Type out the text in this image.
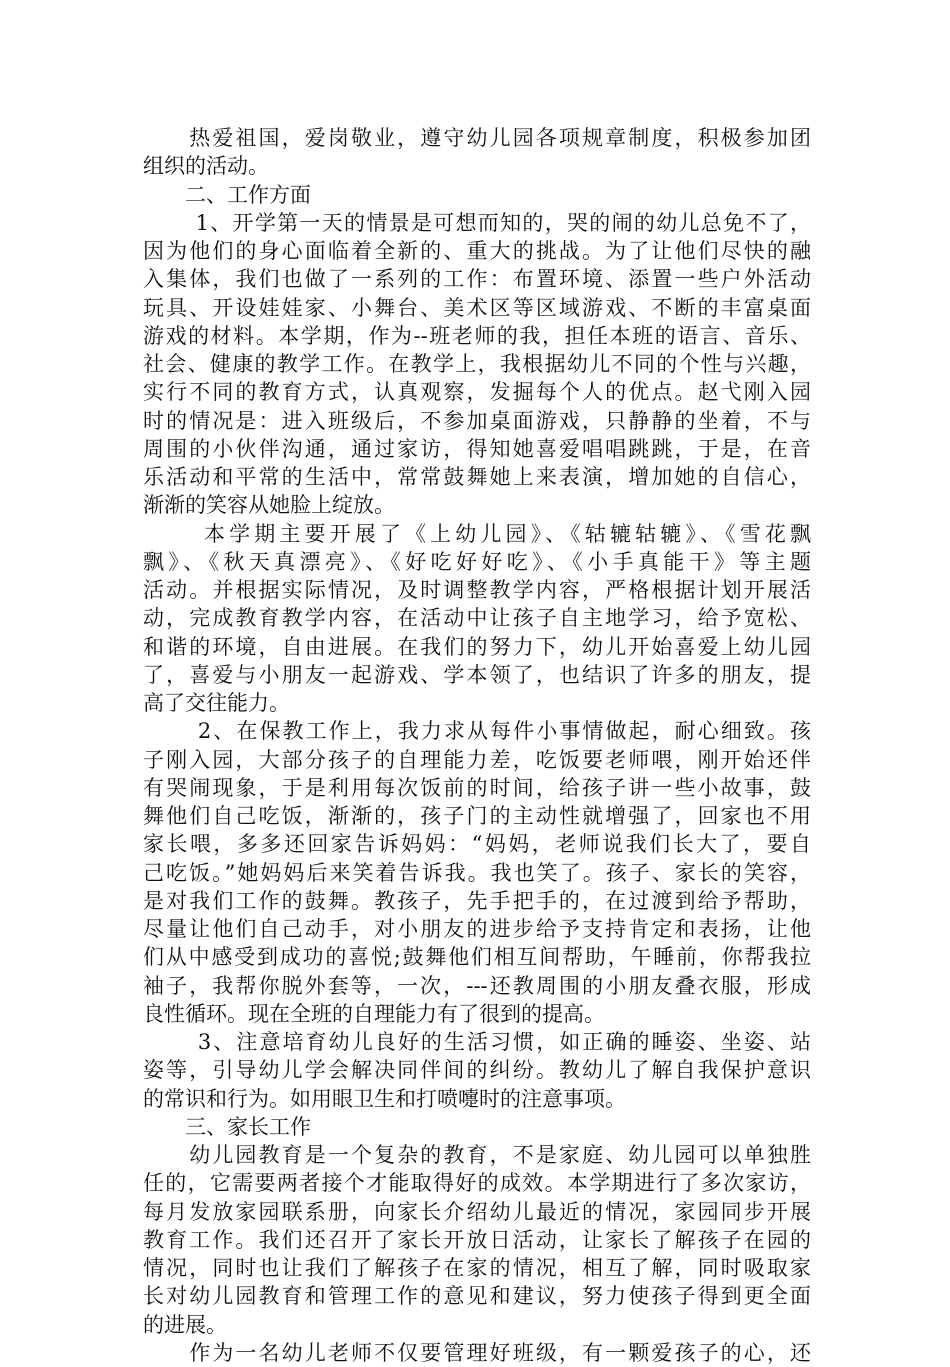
　　热爱祖国，爱岗敬业，遵守幼儿园各项规章制度，积极参加团
组织的活动。
　　二、工作方面
　　 1、开学第一天的情景是可想而知的，哭的闹的幼儿总免不了，
因为他们的身心面临着全新的、重大的挑战。为了让他们尽快的融
入集体，我们也做了一系列的工作：布置环境、添置一些户外活动
玩具、开设娃娃家、小舞台、美术区等区域游戏、不断的丰富桌面
游戏的材料。本学期，作为--班老师的我，担任本班的语言、音乐、
社会、健康的教学工作。在教学上，我根据幼儿不同的个性与兴趣，
实行不同的教育方式，认真观察，发掘每个人的优点。赵弋刚入园
时的情况是：进入班级后，不参加桌面游戏，只静静的坐着，不与
周围的小伙伴沟通，通过家访，得知她喜爱唱唱跳跳，于是，在音
乐活动和平常的生活中，常常鼓舞她上来表演，增加她的自信心，
渐渐的笑容从她脸上绽放。
　　 本学期主要开展了《上幼儿园》、《轱辘轱辘》、《雪花飘
飘》、《秋天真漂亮》、《好吃好好吃》、《小手真能干》等主题
活动。并根据实际情况，及时调整教学内容，严格根据计划开展活
动，完成教育教学内容，在活动中让孩子自主地学习，给予宽松、
和谐的环境，自由进展。在我们的努力下，幼儿开始喜爱上幼儿园
了，喜爱与小朋友一起游戏、学本领了，也结识了许多的朋友，提
高了交往能力。
　　 2、在保教工作上，我力求从每件小事情做起，耐心细致。孩
子刚入园，大部分孩子的自理能力差，吃饭要老师喂，刚开始还伴
有哭闹现象，于是利用每次饭前的时间，给孩子讲一些小故事，鼓
舞他们自己吃饭，渐渐的，孩子门的主动性就增强了，回家也不用
家长喂，多多还回家告诉妈妈：“妈妈，老师说我们长大了，要自
己吃饭。”她妈妈后来笑着告诉我。我也笑了。孩子、家长的笑容，
是对我们工作的鼓舞。教孩子，先手把手的，在过渡到给予帮助，
尽量让他们自己动手，对小朋友的进步给予支持肯定和表扬，让他
们从中感受到成功的喜悦;鼓舞他们相互间帮助，午睡前，你帮我拉
袖子，我帮你脱外套等，一次，---还教周围的小朋友叠衣服，形成
良性循环。现在全班的自理能力有了很到的提高。
　　 3、注意培育幼儿良好的生活习惯，如正确的睡姿、坐姿、站
姿等，引导幼儿学会解决同伴间的纠纷。教幼儿了解自我保护意识
的常识和行为。如用眼卫生和打喷嚏时的注意事项。
　　三、家长工作
　　幼儿园教育是一个复杂的教育，不是家庭、幼儿园可以单独胜
任的，它需要两者接个才能取得好的成效。本学期进行了多次家访，
每月发放家园联系册，向家长介绍幼儿最近的情况，家园同步开展
教育工作。我们还召开了家长开放日活动，让家长了解孩子在园的
情况，同时也让我们了解孩子在家的情况，相互了解，同时吸取家
长对幼儿园教育和管理工作的意见和建议，努力使孩子得到更全面
的进展。
　　作为一名幼儿老师不仅要管理好班级，有一颗爱孩子的心，还
